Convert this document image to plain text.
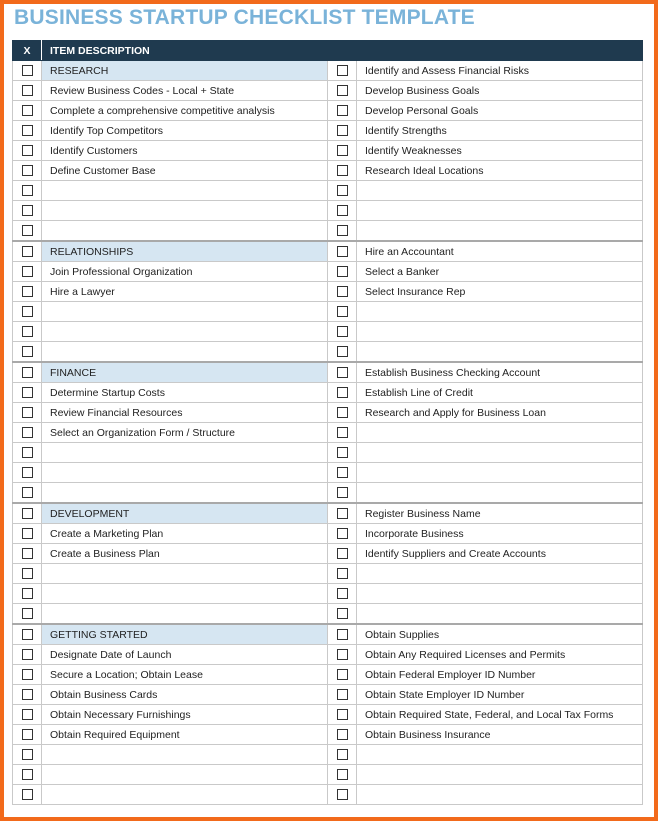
BUSINESS STARTUP CHECKLIST TEMPLATE
X	ITEM DESCRIPTION		
	RESEARCH		Identify and Assess Financial Risks
	Review Business Codes - Local + State		Develop Business Goals
	Complete a comprehensive competitive analysis		Develop Personal Goals
	Identify Top Competitors		Identify Strengths
	Identify Customers		Identify Weaknesses
	Define Customer Base		Research Ideal Locations

	RELATIONSHIPS		Hire an Accountant
	Join Professional Organization		Select a Banker
	Hire a Lawyer		Select Insurance Rep

	FINANCE		Establish Business Checking Account
	Determine Startup Costs		Establish Line of Credit
	Review Financial Resources		Research and Apply for Business Loan
	Select an Organization Form / Structure		

	DEVELOPMENT		Register Business Name
	Create a Marketing Plan		Incorporate Business
	Create a Business Plan		Identify Suppliers and Create Accounts

	GETTING STARTED		Obtain Supplies
	Designate Date of Launch		Obtain Any Required Licenses and Permits
	Secure a Location; Obtain Lease		Obtain Federal Employer ID Number
	Obtain Business Cards		Obtain State Employer ID Number
	Obtain Necessary Furnishings		Obtain Required State, Federal, and Local Tax Forms
	Obtain Required Equipment		Obtain Business Insurance
